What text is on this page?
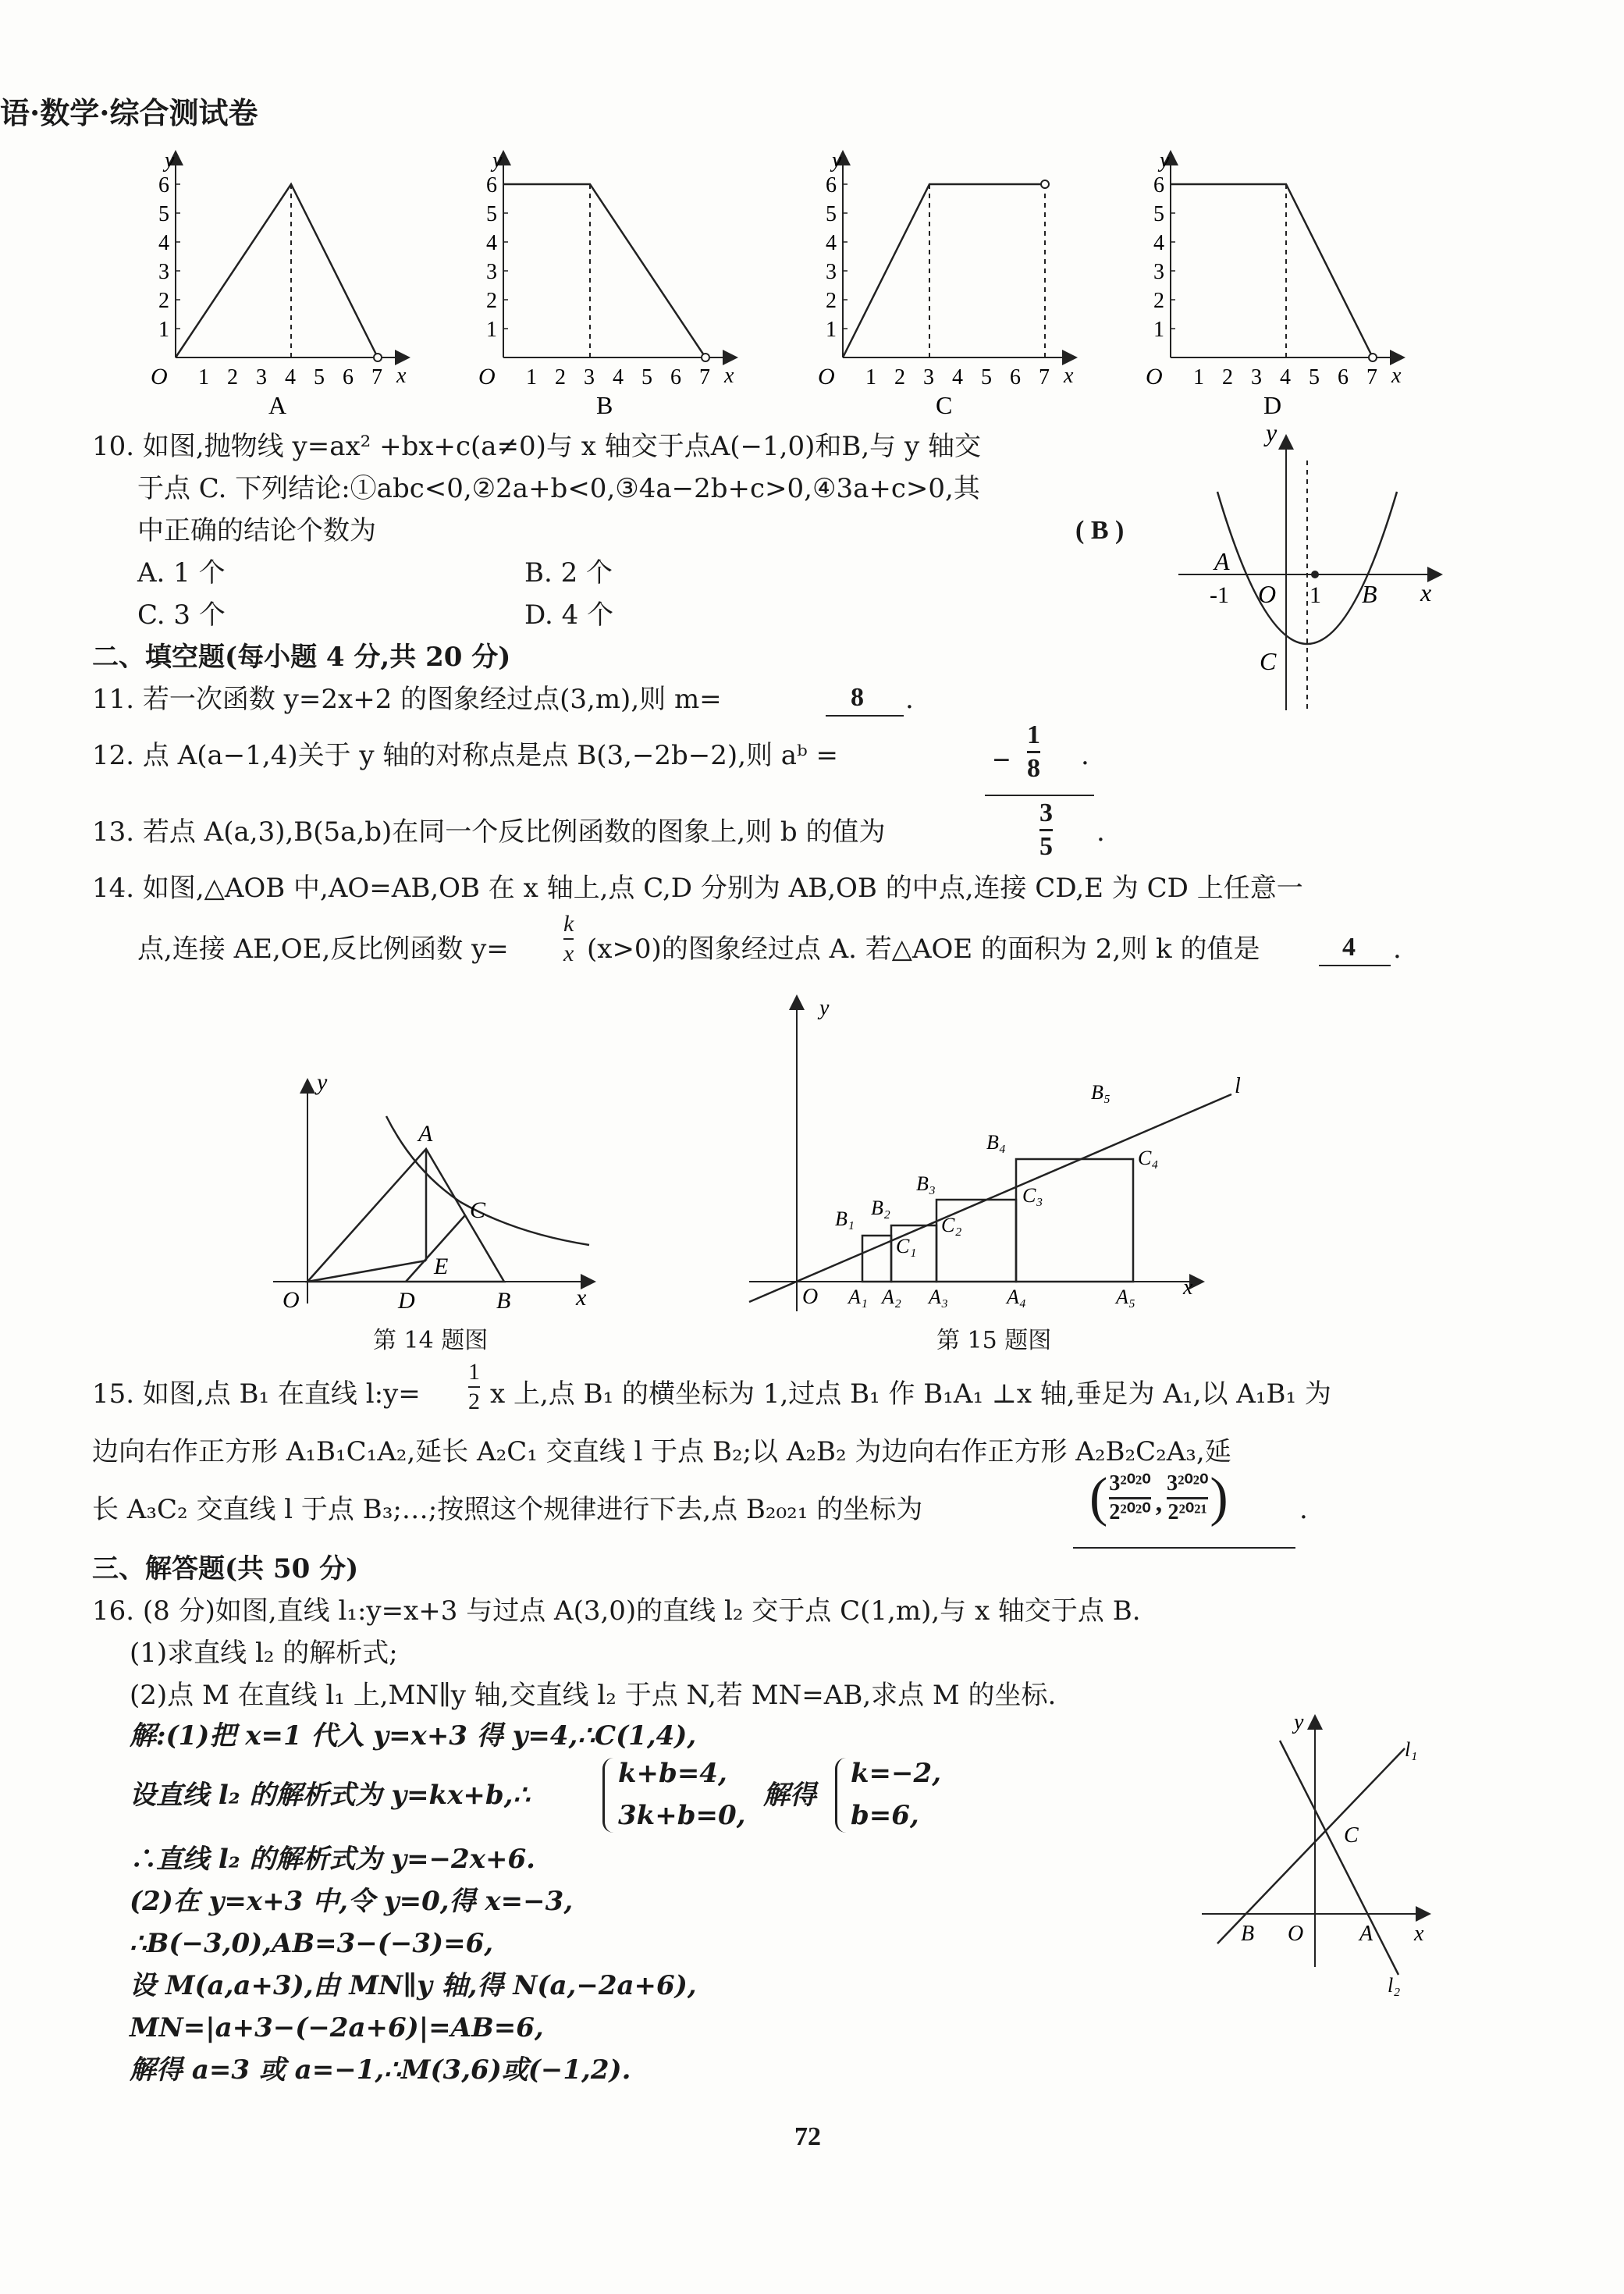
语·数学·综合测试卷
1
2
3
4
5
6
1 2 3 4 5 6 7
O
y
x
A
1
2
3
4
5
6
1 2 3 4 5 6 7
O
y
x
B
1
2
3
4
5
6
1 2 3 4 5 6 7
O
y
x
C
1
2
3
4
5
6
1 2 3 4 5 6 7
O
y
x
D
10. 如图,抛物线 y=ax² +bx+c(a≠0)与 x 轴交于点A(−1,0)和B,与 y 轴交
于点 C. 下列结论:①abc<0,②2a+b<0,③4a−2b+c>0,④3a+c>0,其
中正确的结论个数为	( B )
A. 1 个	B. 2 个
C. 3 个	D. 4 个
y
x
A
-1 O 1 B
C
二、填空题(每小题 4 分,共 20 分)
11. 若一次函数 y=2x+2 的图象经过点(3,m),则 m=	8 .
12. 点 A(a−1,4)关于 y 轴的对称点是点 B(3,−2b−2),则 aᵇ =	−
1
8 .
13. 若点 A(a,3),B(5a,b)在同一个反比例函数的图象上,则 b 的值为
3
5 .
14. 如图,△AOB 中,AO=AB,OB 在 x 轴上,点 C,D 分别为 AB,OB 的中点,连接 CD,E 为 CD 上任意一
点,连接 AE,OE,反比例函数 y=
k
x (x>0)的图象经过点 A. 若△AOE 的面积为 2,则 k 的值是	4 .
y
x
O
A
B
C
D
E
第 14 题图
y
x
O
l
B₁ B₂
B₃
B₄
B₅
C₁
C₂
C₃
C₄
A₁ A₂ A₃	A₄	A₅
第 15 题图
15. 如图,点 B₁ 在直线 l:y=
1
2 x 上,点 B₁ 的横坐标为 1,过点 B₁ 作 B₁A₁ ⊥x 轴,垂足为 A₁,以 A₁B₁ 为
边向右作正方形 A₁B₁C₁A₂,延长 A₂C₁ 交直线 l 于点 B₂;以 A₂B₂ 为边向右作正方形 A₂B₂C₂A₃,延
长 A₃C₂ 交直线 l 于点 B₃;…;按照这个规律进行下去,点 B₂₀₂₁ 的坐标为	( 3²⁰²⁰
2²⁰²⁰ ,
3²⁰²⁰
2²⁰²¹ )	.
三、解答题(共 50 分)
16. (8 分)如图,直线 l₁:y=x+3 与过点 A(3,0)的直线 l₂ 交于点 C(1,m),与 x 轴交于点 B.
(1)求直线 l₂ 的解析式;
(2)点 M 在直线 l₁ 上,MN∥y 轴,交直线 l₂ 于点 N,若 MN=AB,求点 M 的坐标.
解:(1)把 x=1 代入 y=x+3 得 y=4,∴C(1,4),
设直线 l₂ 的解析式为 y=kx+b,∴
k+b=4,
3k+b=0,
解得
k=−2,
b=6,
∴直线 l₂ 的解析式为 y=−2x+6.
(2)在 y=x+3 中,令 y=0,得 x=−3,
∴B(−3,0),AB=3−(−3)=6,
设 M(a,a+3),由 MN∥y 轴,得 N(a,−2a+6),
MN=|a+3−(−2a+6)|=AB=6,
解得 a=3 或 a=−1,∴M(3,6)或(−1,2).
y
x
l₁
l₂
C
B O	A
72
